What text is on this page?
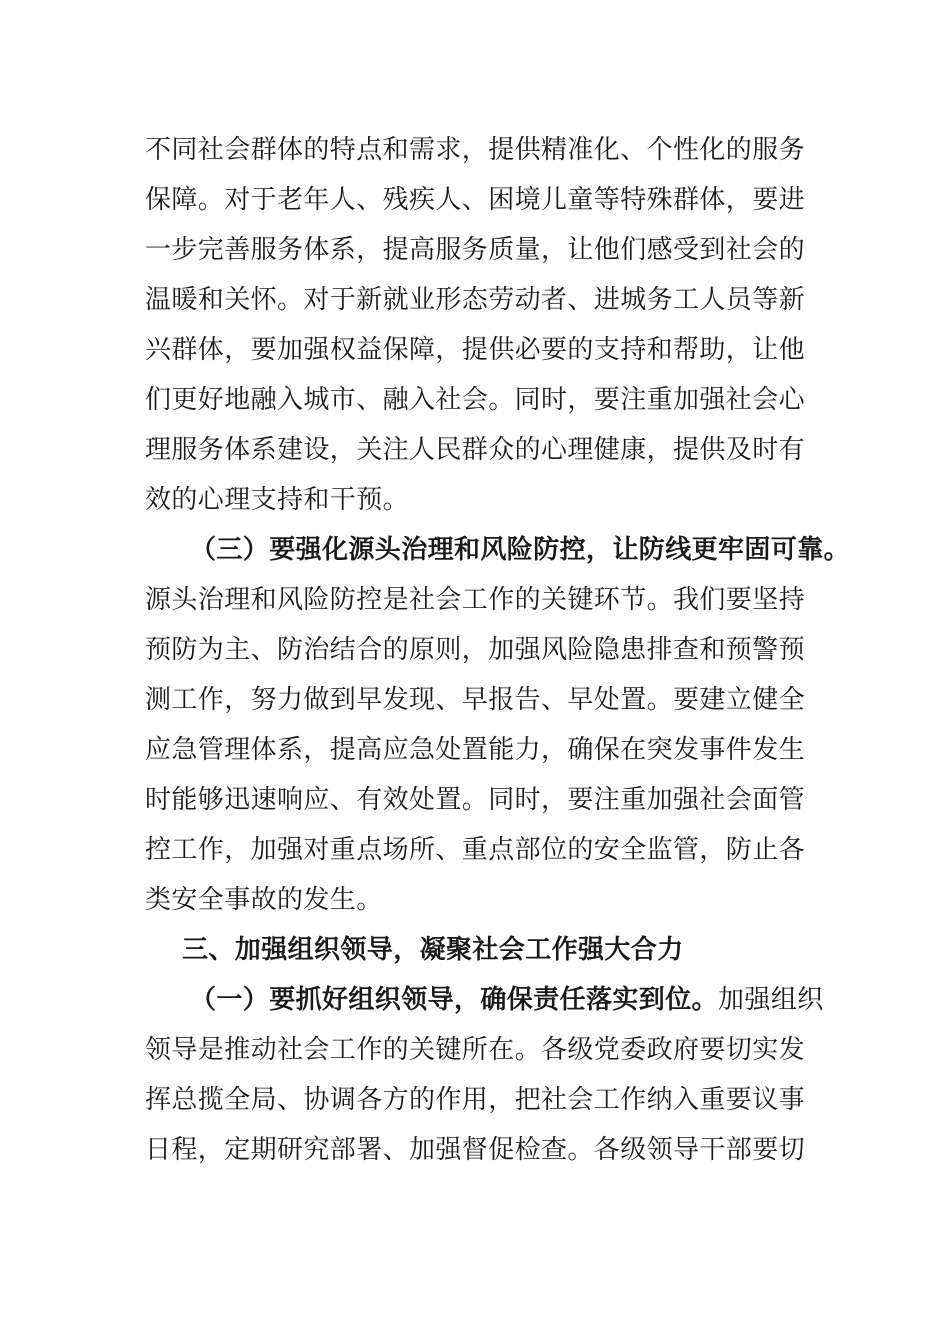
不同社会群体的特点和需求，提供精准化、个性化的服务
保障。对于老年人、残疾人、困境儿童等特殊群体，要进
一步完善服务体系，提高服务质量，让他们感受到社会的
温暖和关怀。对于新就业形态劳动者、进城务工人员等新
兴群体，要加强权益保障，提供必要的支持和帮助，让他
们更好地融入城市、融入社会。同时，要注重加强社会心
理服务体系建设，关注人民群众的心理健康，提供及时有
效的心理支持和干预。
（三）要强化源头治理和风险防控，让防线更牢固可靠。
源头治理和风险防控是社会工作的关键环节。我们要坚持
预防为主、防治结合的原则，加强风险隐患排查和预警预
测工作，努力做到早发现、早报告、早处置。要建立健全
应急管理体系，提高应急处置能力，确保在突发事件发生
时能够迅速响应、有效处置。同时，要注重加强社会面管
控工作，加强对重点场所、重点部位的安全监管，防止各
类安全事故的发生。
三、加强组织领导，凝聚社会工作强大合力
（一）要抓好组织领导，确保责任落实到位。加强组织
领导是推动社会工作的关键所在。各级党委政府要切实发
挥总揽全局、协调各方的作用，把社会工作纳入重要议事
日程，定期研究部署、加强督促检查。各级领导干部要切
